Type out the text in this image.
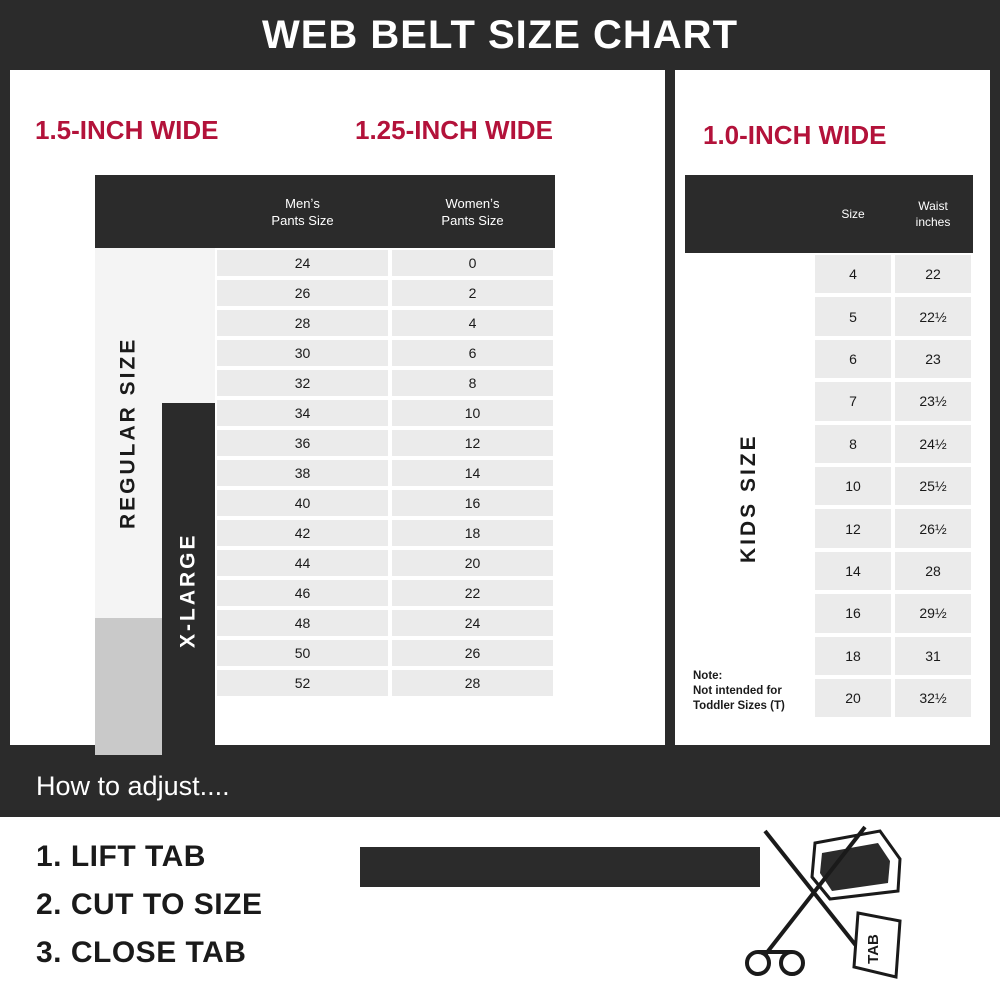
WEB BELT SIZE CHART
1.5-INCH WIDE	1.25-INCH WIDE
Menʼs
Pants Size
Womenʼs
Pants Size
REGULAR SIZE
X-LARGE
24	0
26	2
28	4
30	6
32	8
34	10
36	12
38	14
40	16
42	18
44	20
46	22
48	24
50	26
52	28
1.0-INCH WIDE
Size
Waist
inches
KIDS SIZE
Note:
Not intended for
Toddler Sizes (T)
4	22
5	22½
6	23
7	23½
8	24½
10	25½
12	26½
14	28
16	29½
18	31
20	32½
How to adjust....
1. LIFT TAB
2. CUT TO SIZE
3. CLOSE TAB	TAB
